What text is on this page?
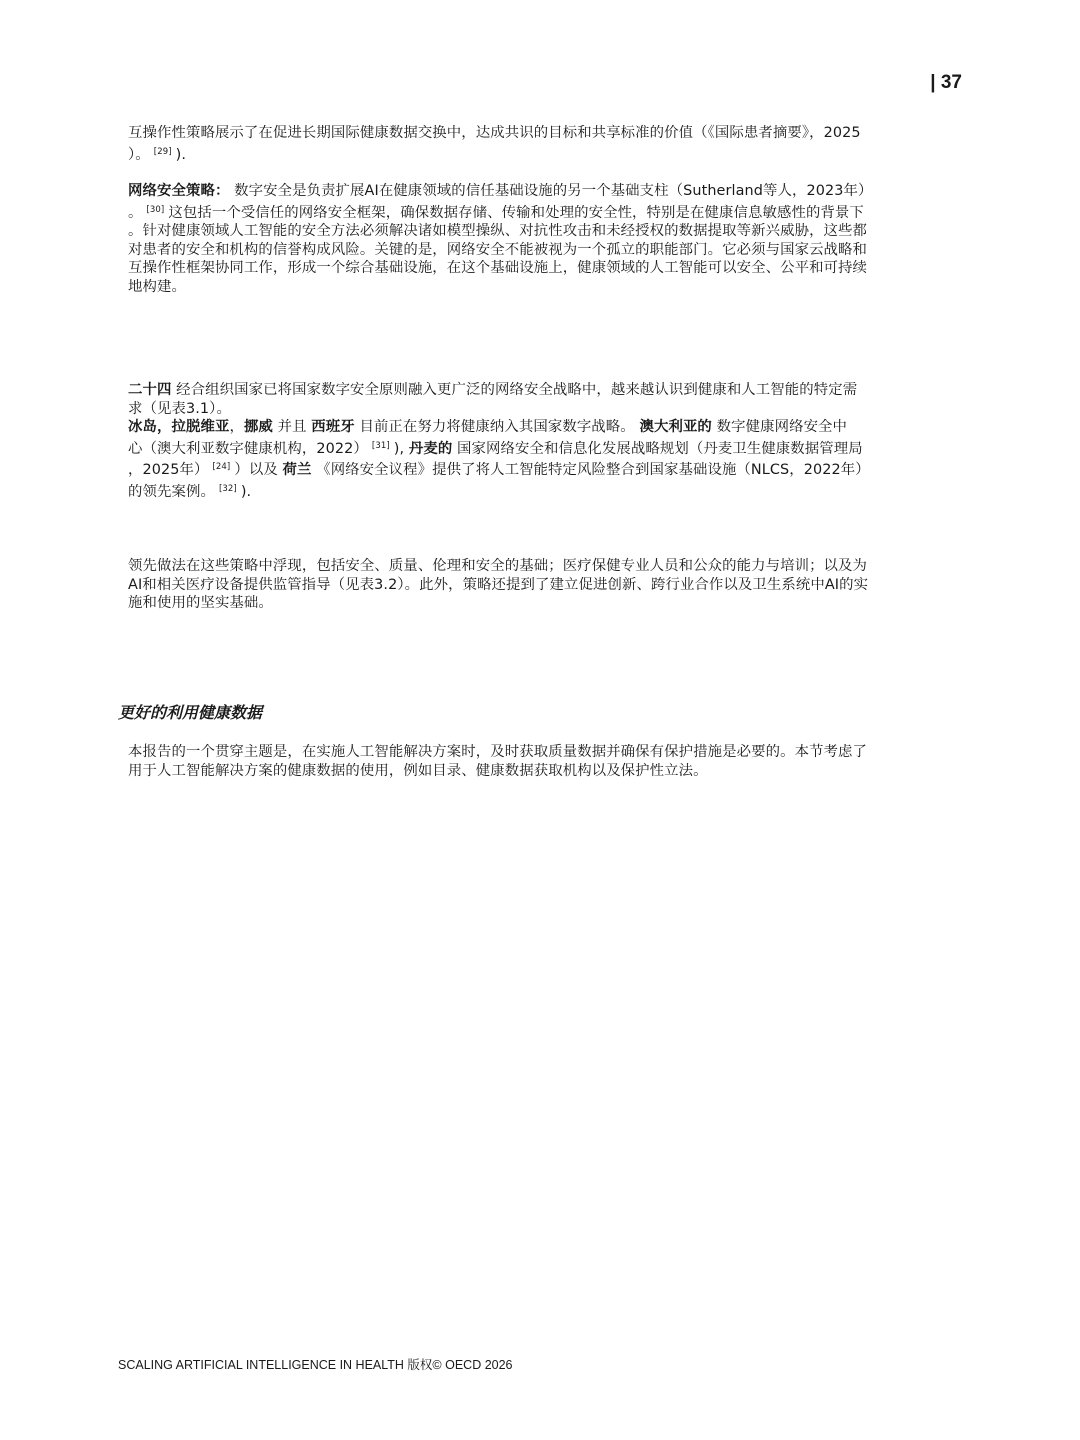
| 37
互操作性策略展示了在促进长期国际健康数据交换中，达成共识的目标和共享标准的价值（《国际患者摘要》，2025
）。 [29] ).
网络安全策略： 数字安全是负责扩展AI在健康领域的信任基础设施的另一个基础支柱（Sutherland等人，2023年）
。 [30] 这包括一个受信任的网络安全框架，确保数据存储、传输和处理的安全性，特别是在健康信息敏感性的背景下
。针对健康领域人工智能的安全方法必须解决诸如模型操纵、对抗性攻击和未经授权的数据提取等新兴威胁，这些都
对患者的安全和机构的信誉构成风险。关键的是，网络安全不能被视为一个孤立的职能部门。它必须与国家云战略和
互操作性框架协同工作，形成一个综合基础设施，在这个基础设施上，健康领域的人工智能可以安全、公平和可持续
地构建。
二十四 经合组织国家已将国家数字安全原则融入更广泛的网络安全战略中，越来越认识到健康和人工智能的特定需
求（见表3.1）。
冰岛，拉脱维亚，挪威 并且 西班牙 目前正在努力将健康纳入其国家数字战略。 澳大利亚的 数字健康网络安全中
心（澳大利亚数字健康机构，2022） [31] ), 丹麦的 国家网络安全和信息化发展战略规划（丹麦卫生健康数据管理局
，2025年） [24] ）以及 荷兰 《网络安全议程》提供了将人工智能特定风险整合到国家基础设施（NLCS，2022年）
的领先案例。 [32] ).
领先做法在这些策略中浮现，包括安全、质量、伦理和安全的基础；医疗保健专业人员和公众的能力与培训；以及为
AI和相关医疗设备提供监管指导（见表3.2）。此外，策略还提到了建立促进创新、跨行业合作以及卫生系统中AI的实
施和使用的坚实基础。
更好的利用健康数据
本报告的一个贯穿主题是，在实施人工智能解决方案时，及时获取质量数据并确保有保护措施是必要的。本节考虑了
用于人工智能解决方案的健康数据的使用，例如目录、健康数据获取机构以及保护性立法。
SCALING ARTIFICIAL INTELLIGENCE IN HEALTH 版权© OECD 2026
